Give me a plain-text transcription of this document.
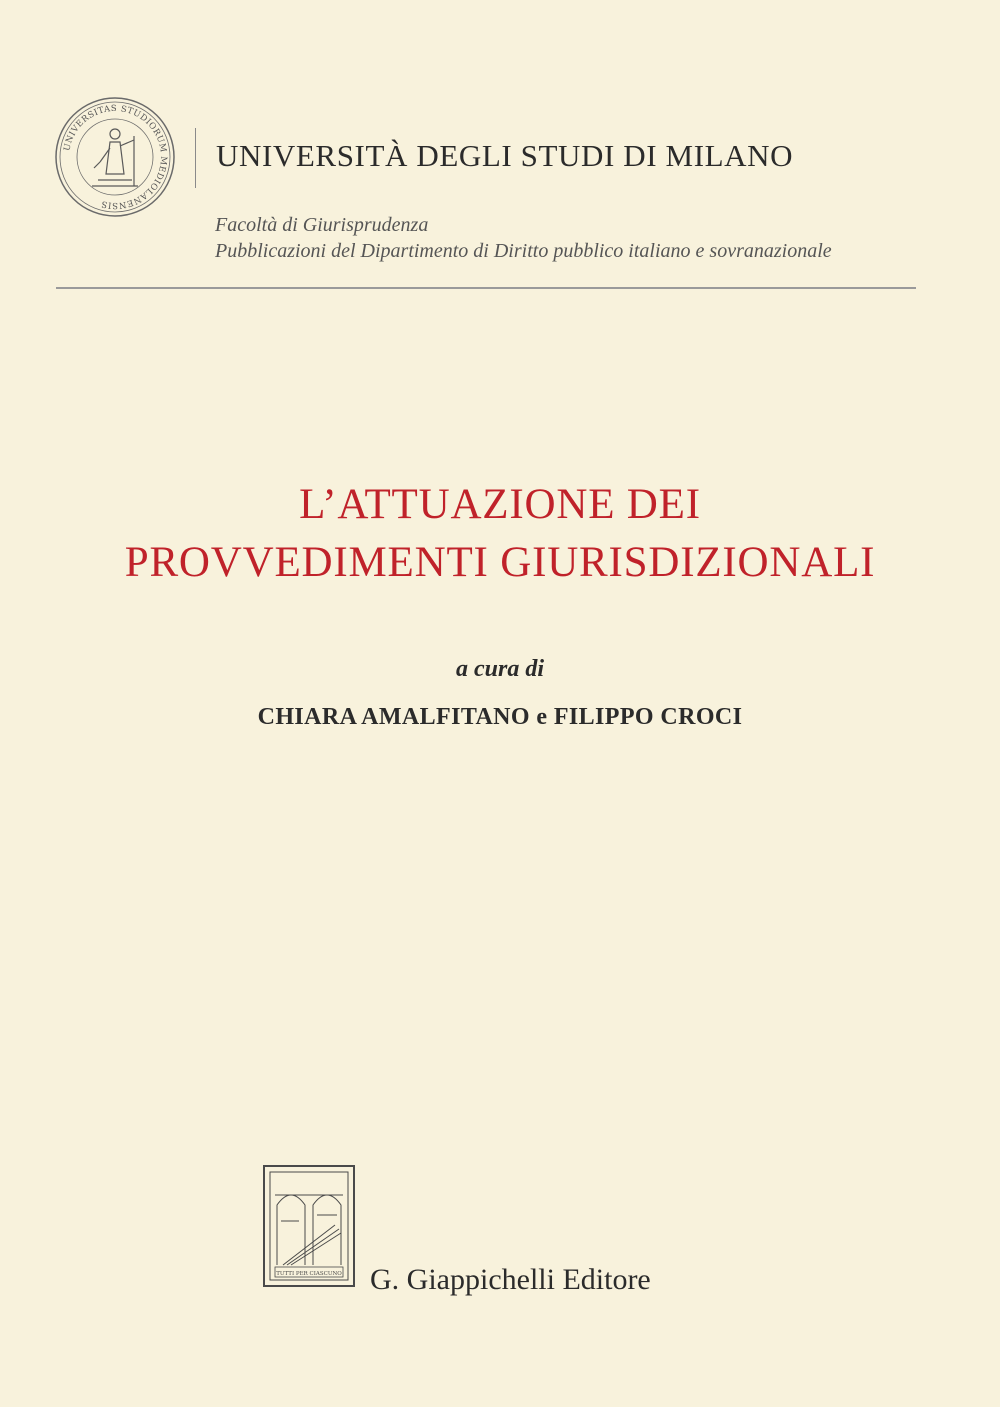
UNIVERSITAS STUDIORUM MEDIOLANENSIS
UNIVERSITÀ DEGLI STUDI DI MILANO
Facoltà di Giurisprudenza
Pubblicazioni del Dipartimento di Diritto pubblico italiano e sovranazionale
L’ATTUAZIONE DEI
PROVVEDIMENTI GIURISDIZIONALI
a cura di
CHIARA AMALFITANO e FILIPPO CROCI
TUTTI PER CIASCUNO G. Giappichelli Editore
